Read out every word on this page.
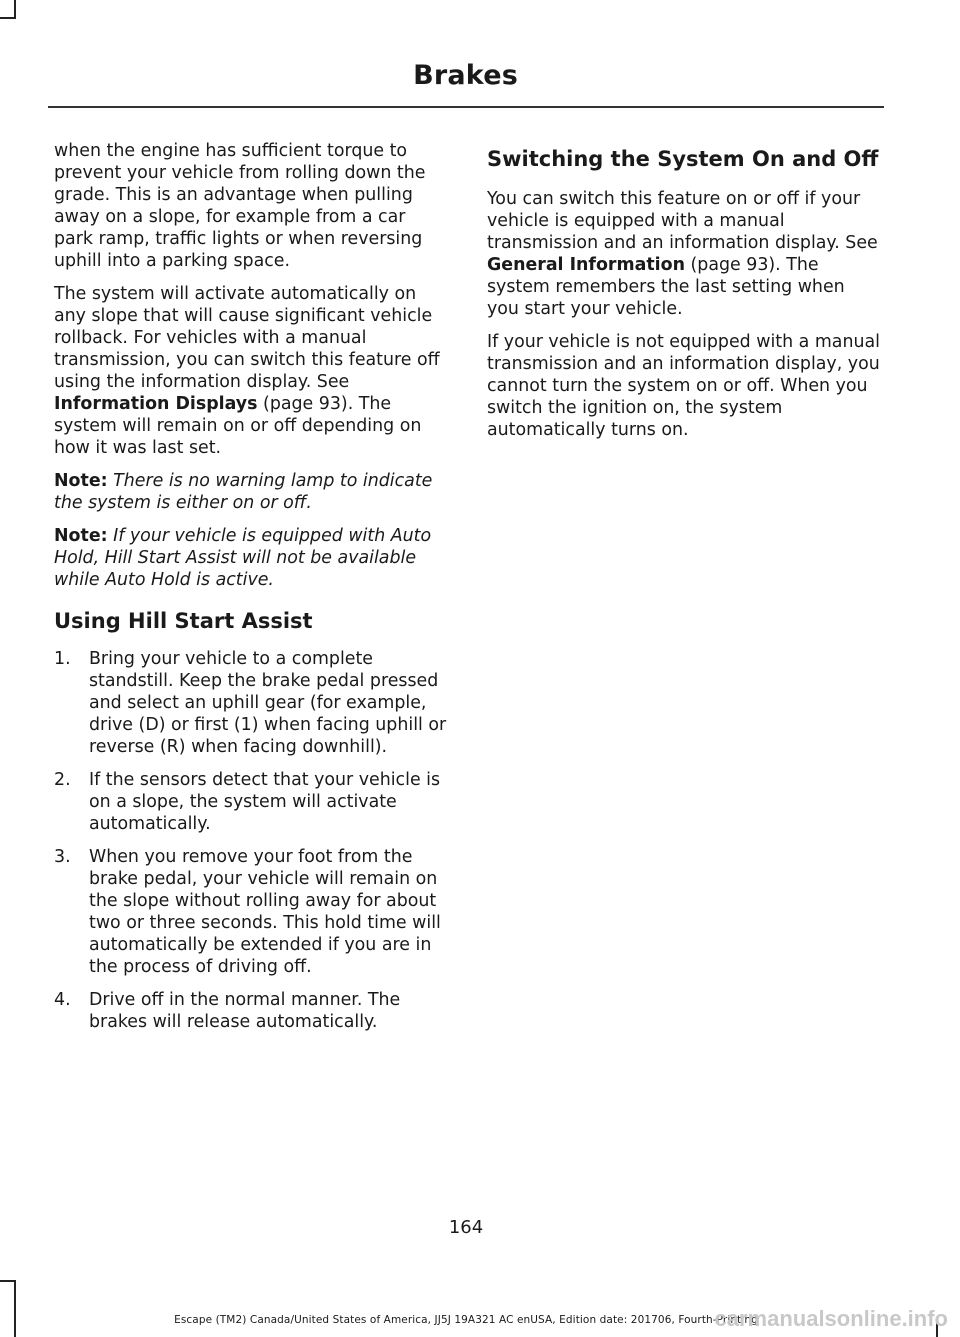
Brakes

when the engine has sufficient torque to prevent your vehicle from rolling down the grade. This is an advantage when pulling away on a slope, for example from a car park ramp, traffic lights or when reversing uphill into a parking space.

The system will activate automatically on any slope that will cause significant vehicle rollback. For vehicles with a manual transmission, you can switch this feature off using the information display. See Information Displays (page 93). The system will remain on or off depending on how it was last set.

Note: There is no warning lamp to indicate the system is either on or off.

Note: If your vehicle is equipped with Auto Hold, Hill Start Assist will not be available while Auto Hold is active.

Using Hill Start Assist
1. Bring your vehicle to a complete standstill. Keep the brake pedal pressed and select an uphill gear (for example, drive (D) or first (1) when facing uphill or reverse (R) when facing downhill).
2. If the sensors detect that your vehicle is on a slope, the system will activate automatically.
3. When you remove your foot from the brake pedal, your vehicle will remain on the slope without rolling away for about two or three seconds. This hold time will automatically be extended if you are in the process of driving off.
4. Drive off in the normal manner. The brakes will release automatically.
Switching the System On and Off

You can switch this feature on or off if your vehicle is equipped with a manual transmission and an information display. See General Information (page 93). The system remembers the last setting when you start your vehicle.

If your vehicle is not equipped with a manual transmission and an information display, you cannot turn the system on or off. When you switch the ignition on, the system automatically turns on.

164
Escape (TM2) Canada/United States of America, JJ5J 19A321 AC enUSA, Edition date: 201706, Fourth-Printing
carmanualsonline.info
